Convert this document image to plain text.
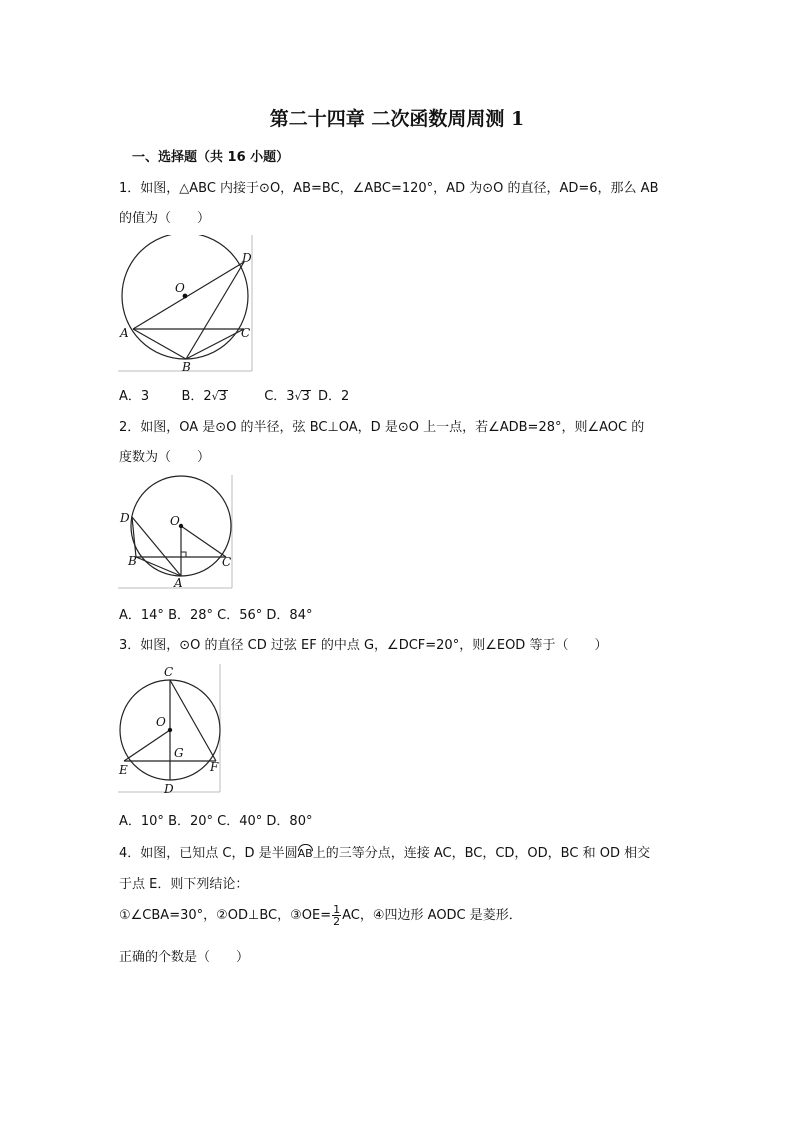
第二十四章 二次函数周周测 1
一、选择题（共 16 小题）
1．如图，△ABC 内接于⊙O，AB=BC，∠ABC=120°，AD 为⊙O 的直径，AD=6，那么 AB
的值为（　　）
O
D
A	C
B
A．3 B．2√3	C．3√3 D．2
2．如图，OA 是⊙O 的半径，弦 BC⊥OA，D 是⊙O 上一点，若∠ADB=28°，则∠AOC 的
度数为（　　）
D	O
B	C
A
A．14° B．28° C．56° D．84°
3．如图，⊙O 的直径 CD 过弦 EF 的中点 G，∠DCF=20°，则∠EOD 等于（　　）
C
O
G
E	F
D
A．10° B．20° C．40° D．80°
4．如图，已知点 C，D 是半圆AB上的三等分点，连接 AC，BC，CD，OD，BC 和 OD 相交
于点 E．则下列结论：
①∠CBA=30°，②OD⊥BC，③OE= $\frac{1}{2}$ AC，④四边形 AODC 是菱形．
正确的个数是（　　）
